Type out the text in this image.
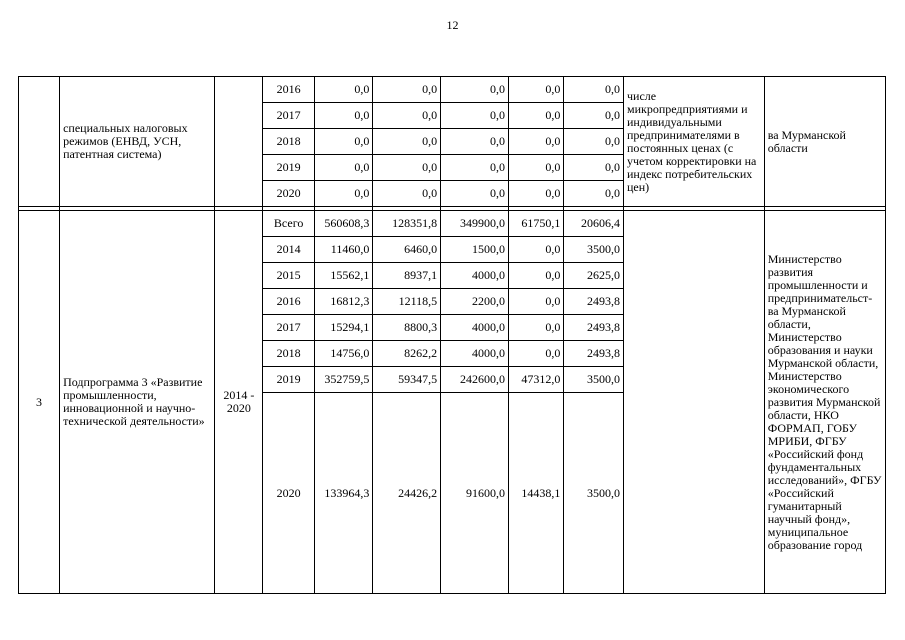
12
	специальных налоговых режимов (ЕНВД, УСН, патентная система)		2016	0,0	0,0	0,0	0,0	0,0	числе микропредприятиями и индивидуальными предпринимателями в постоянных ценах (с учетом корректировки на индекс потребительских цен)	ва Мурманской области
			2017	0,0	0,0	0,0	0,0	0,0		
			2018	0,0	0,0	0,0	0,0	0,0		
			2019	0,0	0,0	0,0	0,0	0,0		
			2020	0,0	0,0	0,0	0,0	0,0		

3	Подпрограмма 3 «Развитие промышленности, инновационной и научно-технической деятельности»	2014 - 2020	Всего	560608,3	128351,8	349900,0	61750,1	20606,4		Министерство развития промышленности и предпринимательст-ва Мурманской области, Министерство образования и науки Мурманской области, Министерство экономического развития Мурманской области, НКО ФОРМАП, ГОБУ МРИБИ, ФГБУ «Российский фонд фундаментальных исследований», ФГБУ «Российский гуманитарный научный фонд», муниципальное образование город
			2014	11460,0	6460,0	1500,0	0,0	3500,0		
			2015	15562,1	8937,1	4000,0	0,0	2625,0		
			2016	16812,3	12118,5	2200,0	0,0	2493,8		
			2017	15294,1	8800,3	4000,0	0,0	2493,8		
			2018	14756,0	8262,2	4000,0	0,0	2493,8		
			2019	352759,5	59347,5	242600,0	47312,0	3500,0		
			2020	133964,3	24426,2	91600,0	14438,1	3500,0		
